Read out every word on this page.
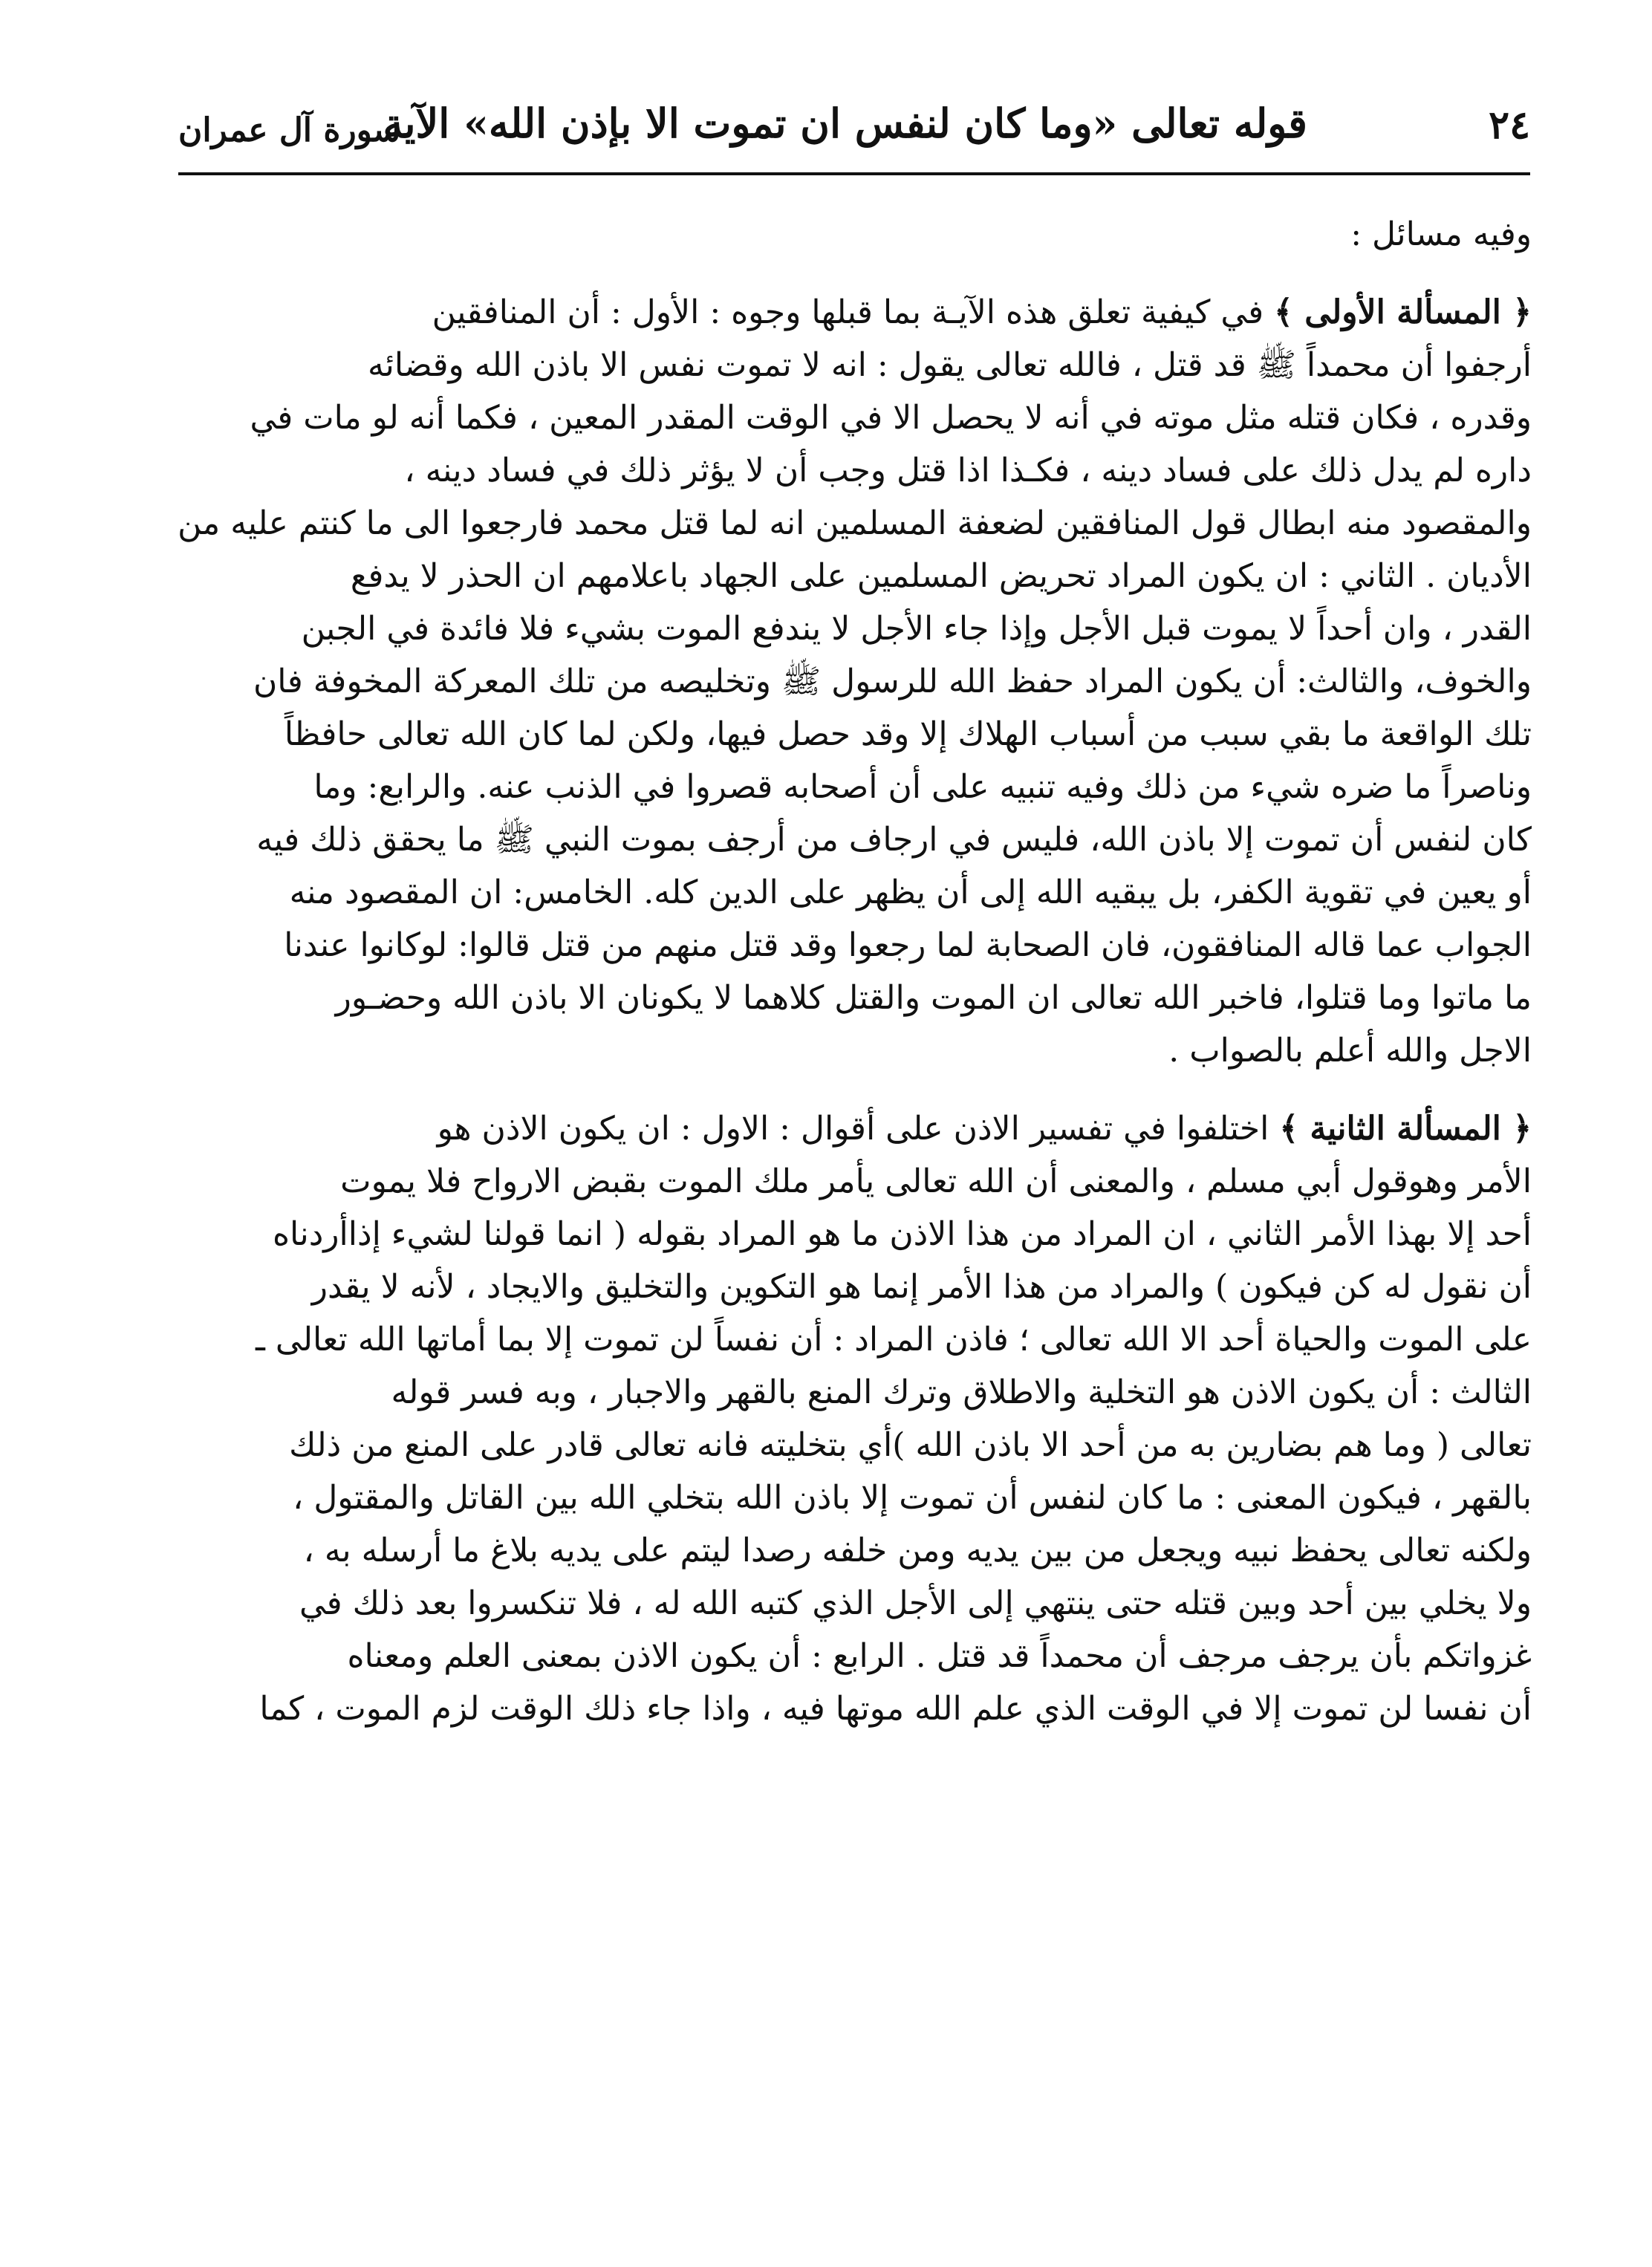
٢٤
قوله تعالى «وما كان لنفس ان تموت الا بإذن الله» الآية
سورة آل عمران

وفيه مسائل :

﴿ المسألة الأولى ﴾ في كيفية تعلق هذه الآيـة بما قبلها وجوه : الأول : أن المنافقين

أرجفوا أن محمداً ﷺ قد قتل ، فالله تعالى يقول : انه لا تموت نفس الا باذن الله وقضائه

وقدره ، فكان قتله مثل موته في أنه لا يحصل الا في الوقت المقدر المعين ، فكما أنه لو مات في

داره لم يدل ذلك على فساد دينه ، فكـذا اذا قتل وجب أن لا يؤثر ذلك في فساد دينه ،

والمقصود منه ابطال قول المنافقين لضعفة المسلمين انه لما قتل محمد فارجعوا الى ما كنتم عليه من

الأديان . الثاني : ان يكون المراد تحريض المسلمين على الجهاد باعلامهم ان الحذر لا يدفع

القدر ، وان أحداً لا يموت قبل الأجل وإذا جاء الأجل لا يندفع الموت بشيء فلا فائدة في الجبن

والخوف، والثالث: أن يكون المراد حفظ الله للرسول ﷺ وتخليصه من تلك المعركة المخوفة فان

تلك الواقعة ما بقي سبب من أسباب الهلاك إلا وقد حصل فيها، ولكن لما كان الله تعالى حافظاً

وناصراً ما ضره شيء من ذلك وفيه تنبيه على أن أصحابه قصروا في الذنب عنه. والرابع: وما

كان لنفس أن تموت إلا باذن الله، فليس في ارجاف من أرجف بموت النبي ﷺ ما يحقق ذلك فيه

أو يعين في تقوية الكفر، بل يبقيه الله إلى أن يظهر على الدين كله. الخامس: ان المقصود منه

الجواب عما قاله المنافقون، فان الصحابة لما رجعوا وقد قتل منهم من قتل قالوا: لوكانوا عندنا

ما ماتوا وما قتلوا، فاخبر الله تعالى ان الموت والقتل كلاهما لا يكونان الا باذن الله وحضـور

الاجل والله أعلم بالصواب .

﴿ المسألة الثانية ﴾ اختلفوا في تفسير الاذن على أقوال : الاول : ان يكون الاذن هو

الأمر وهوقول أبي مسلم ، والمعنى أن الله تعالى يأمر ملك الموت بقبض الارواح فلا يموت

أحد إلا بهذا الأمر الثاني ، ان المراد من هذا الاذن ما هو المراد بقوله ( انما قولنا لشيء إذاأردناه

أن نقول له كن فيكون ) والمراد من هذا الأمر إنما هو التكوين والتخليق والايجاد ، لأنه لا يقدر

على الموت والحياة أحد الا الله تعالى ؛ فاذن المراد : أن نفساً لن تموت إلا بما أماتها الله تعالى ـ

الثالث : أن يكون الاذن هو التخلية والاطلاق وترك المنع بالقهر والاجبار ، وبه فسر قوله

تعالى ( وما هم بضارين به من أحد الا باذن الله )أي بتخليته فانه تعالى قادر على المنع من ذلك

بالقهر ، فيكون المعنى : ما كان لنفس أن تموت إلا باذن الله بتخلي الله بين القاتل والمقتول ،

ولكنه تعالى يحفظ نبيه ويجعل من بين يديه ومن خلفه رصدا ليتم على يديه بلاغ ما أرسله به ،

ولا يخلي بين أحد وبين قتله حتى ينتهي إلى الأجل الذي كتبه الله له ، فلا تنكسروا بعد ذلك في

غزواتكم بأن يرجف مرجف أن محمداً قد قتل . الرابع : أن يكون الاذن بمعنى العلم ومعناه

أن نفسا لن تموت إلا في الوقت الذي علم الله موتها فيه ، واذا جاء ذلك الوقت لزم الموت ، كما
